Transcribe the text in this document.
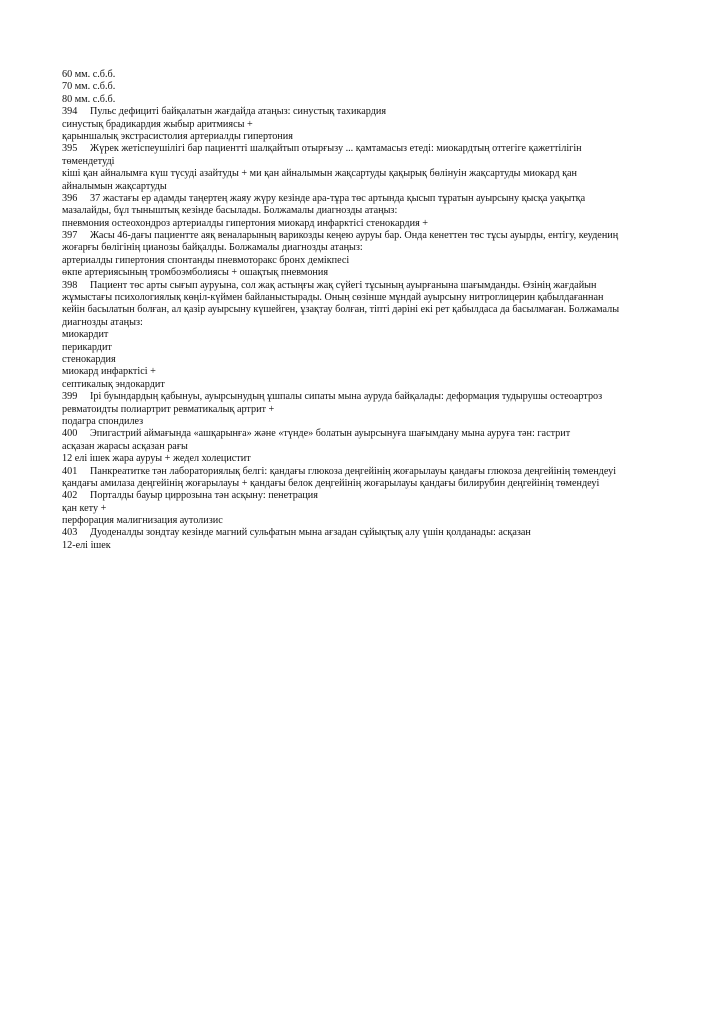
60 мм. с.б.б.
70 мм. с.б.б.
80 мм. с.б.б.
394 Пульс дефициті байқалатын жағдайда атаңыз: синустық тахикардия
синустық брадикардия жыбыр аритмиясы +
қарыншалық экстрасистолия артериалды гипертония
395 Жүрек жетіспеушілігі бар пациентті шалқайтып отырғызу ... қамтамасыз етеді: миокардтың оттегіге қажеттілігін
төмендетуді
кіші қан айналымға күш түсуді азайтуды + ми қан айналымын жақсартуды қақырық бөлінуін жақсартуды миокард қан
айналымын жақсартуды
396 37 жастағы ер адамды таңертең жаяу жүру кезінде ара-тұра төс артында қысып тұратын ауырсыну қысқа уақытқа
мазалайды, бұл тыныштық кезінде басылады. Болжамалы диагнозды атаңыз:
пневмония остеохондроз артериалды гипертония миокард инфарктісі стенокардия +
397 Жасы 46-дағы пациентте аяқ веналарының варикозды кеңею ауруы бар. Онда кенеттен төс тұсы ауырды, ентігу, кеудениң
жоғарғы бөлігінің цианозы байқалды. Болжамалы диагнозды атаңыз:
артериалды гипертония спонтанды пневмоторакс бронх демікпесі
өкпе артериясының тромбоэмболиясы + ошақтық пневмония
398 Пациент төс арты сығып ауруына, сол жақ астыңғы жақ сүйегі тұсының ауырғанына шағымданды. Өзінің жағдайын
жұмыстағы психологиялық көңіл-күймен байланыстырады. Оның сөзінше мұндай ауырсыну нитроглицерин қабылдағаннан
кейін басылатын болған, ал қазір ауырсыну күшейген, ұзақтау болған, тіпті дәріні екі рет қабылдаса да басылмаған. Болжамалы
диагнозды атаңыз:
миокардит
перикардит
стенокардия
миокард инфарктісі +
септикалық эндокардит
399 Ірі буындардың қабынуы, ауырсынудың ұшпалы сипаты мына ауруда байқалады: деформация тудырушы остеоартроз
ревматоидты полиартрит ревматикалық артрит +
подагра спондилез
400 Эпигастрий аймағында «ашқарынға» және «түнде» болатын ауырсынуға шағымдану мына ауруға тән: гастрит
асқазан жарасы асқазан рағы
12 елі ішек жара ауруы + жедел холецистит
401 Панкреатитке тән лабораториялық белгі: қандағы глюкоза деңгейінің жоғарылауы қандағы глюкоза деңгейінің төмендеуі
қандағы амилаза деңгейінің жоғарылауы + қандағы белок деңгейінің жоғарылауы қандағы билирубин деңгейінің төмендеуі
402 Порталды бауыр циррозына тән асқыну: пенетрация
қан кету +
перфорация малигнизация аутолизис
403 Дуоденалды зондтау кезінде магний сульфатын мына ағзадан сұйықтық алу үшін қолданады: асқазан
12-елі ішек
